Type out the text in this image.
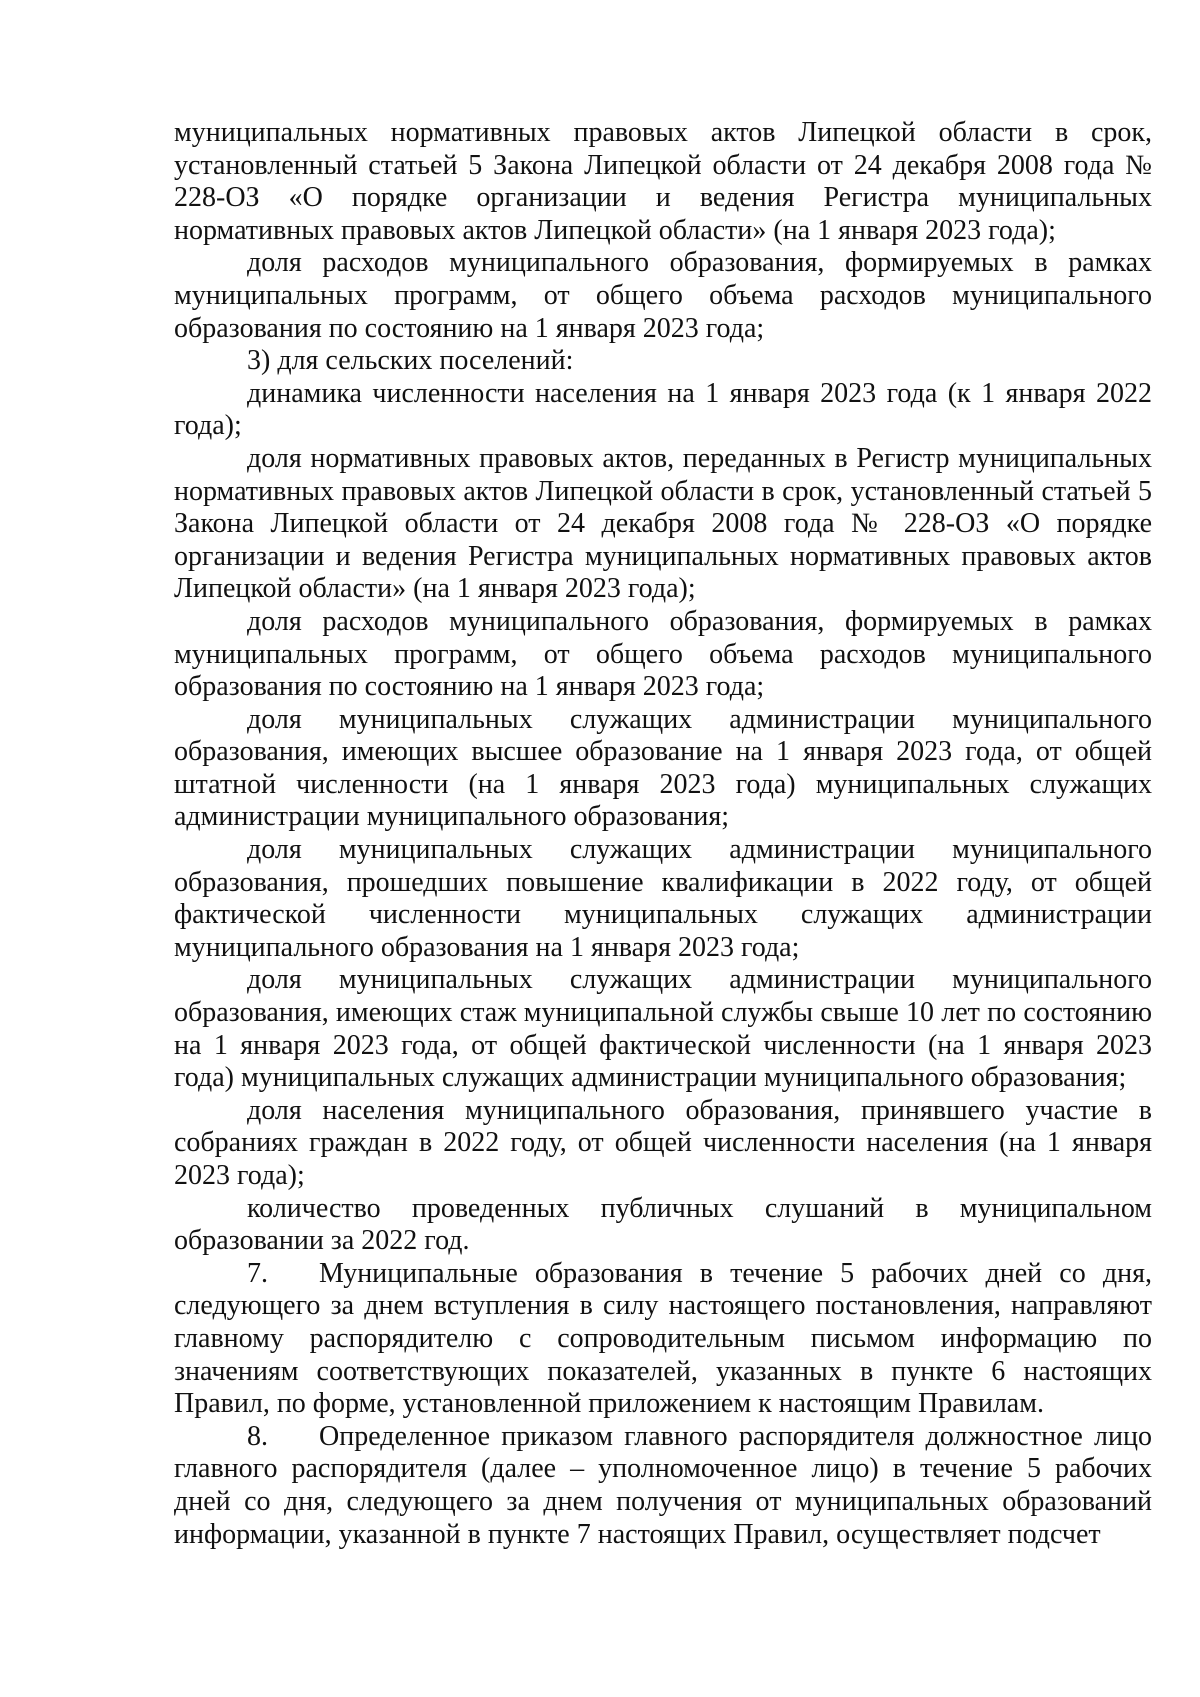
муниципальных нормативных правовых актов Липецкой области в срок, установленный статьей 5 Закона Липецкой области от 24 декабря 2008 года № 228-ОЗ «О порядке организации и ведения Регистра муниципальных нормативных правовых актов Липецкой области» (на 1 января 2023 года);

доля расходов муниципального образования, формируемых в рамках муниципальных программ, от общего объема расходов муниципального образования по состоянию на 1 января 2023 года;

3) для сельских поселений:

динамика численности населения на 1 января 2023 года (к 1 января 2022 года);

доля нормативных правовых актов, переданных в Регистр муниципальных нормативных правовых актов Липецкой области в срок, установленный статьей 5 Закона Липецкой области от 24 декабря 2008 года № 228-ОЗ «О порядке организации и ведения Регистра муниципальных нормативных правовых актов Липецкой области» (на 1 января 2023 года);

доля расходов муниципального образования, формируемых в рамках муниципальных программ, от общего объема расходов муниципального образования по состоянию на 1 января 2023 года;

доля муниципальных служащих администрации муниципального образования, имеющих высшее образование на 1 января 2023 года, от общей штатной численности (на 1 января 2023 года) муниципальных служащих администрации муниципального образования;

доля муниципальных служащих администрации муниципального образования, прошедших повышение квалификации в 2022 году, от общей фактической численности муниципальных служащих администрации муниципального образования на 1 января 2023 года;

доля муниципальных служащих администрации муниципального образования, имеющих стаж муниципальной службы свыше 10 лет по состоянию на 1 января 2023 года, от общей фактической численности (на 1 января 2023 года) муниципальных служащих администрации муниципального образования;

доля населения муниципального образования, принявшего участие в собраниях граждан в 2022 году, от общей численности населения (на 1 января 2023 года);

количество проведенных публичных слушаний в муниципальном образовании за 2022 год.

7. Муниципальные образования в течение 5 рабочих дней со дня, следующего за днем вступления в силу настоящего постановления, направляют главному распорядителю с сопроводительным письмом информацию по значениям соответствующих показателей, указанных в пункте 6 настоящих Правил, по форме, установленной приложением к настоящим Правилам.

8. Определенное приказом главного распорядителя должностное лицо главного распорядителя (далее – уполномоченное лицо) в течение 5 рабочих дней со дня, следующего за днем получения от муниципальных образований информации, указанной в пункте 7 настоящих Правил, осуществляет подсчет
